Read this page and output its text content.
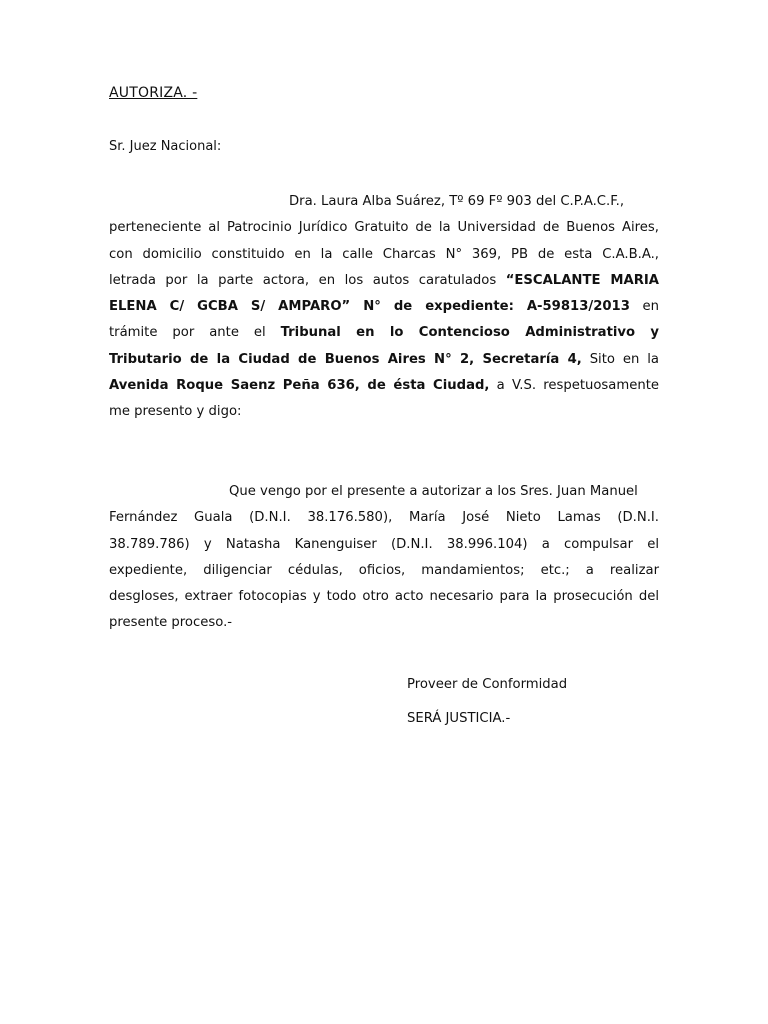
AUTORIZA. -
Sr. Juez Nacional:
Dra. Laura Alba Suárez, Tº 69 Fº 903 del C.P.A.C.F.,
perteneciente al Patrocinio Jurídico Gratuito de la Universidad de Buenos Aires,
con domicilio constituido en la calle Charcas N° 369, PB de esta C.A.B.A.,
letrada por la parte actora, en los autos caratulados “ESCALANTE MARIA
ELENA C/ GCBA S/ AMPARO” N° de expediente: A-59813/2013 en
trámite por ante el Tribunal en lo Contencioso Administrativo y
Tributario de la Ciudad de Buenos Aires N° 2, Secretaría 4, Sito en la
Avenida Roque Saenz Peña 636, de ésta Ciudad, a V.S. respetuosamente
me presento y digo:
Que vengo por el presente a autorizar a los Sres. Juan Manuel
Fernández Guala (D.N.I. 38.176.580), María José Nieto Lamas (D.N.I.
38.789.786) y Natasha Kanenguiser (D.N.I. 38.996.104) a compulsar el
expediente, diligenciar cédulas, oficios, mandamientos; etc.; a realizar
desgloses, extraer fotocopias y todo otro acto necesario para la prosecución del
presente proceso.-
Proveer de Conformidad
SERÁ JUSTICIA.-
